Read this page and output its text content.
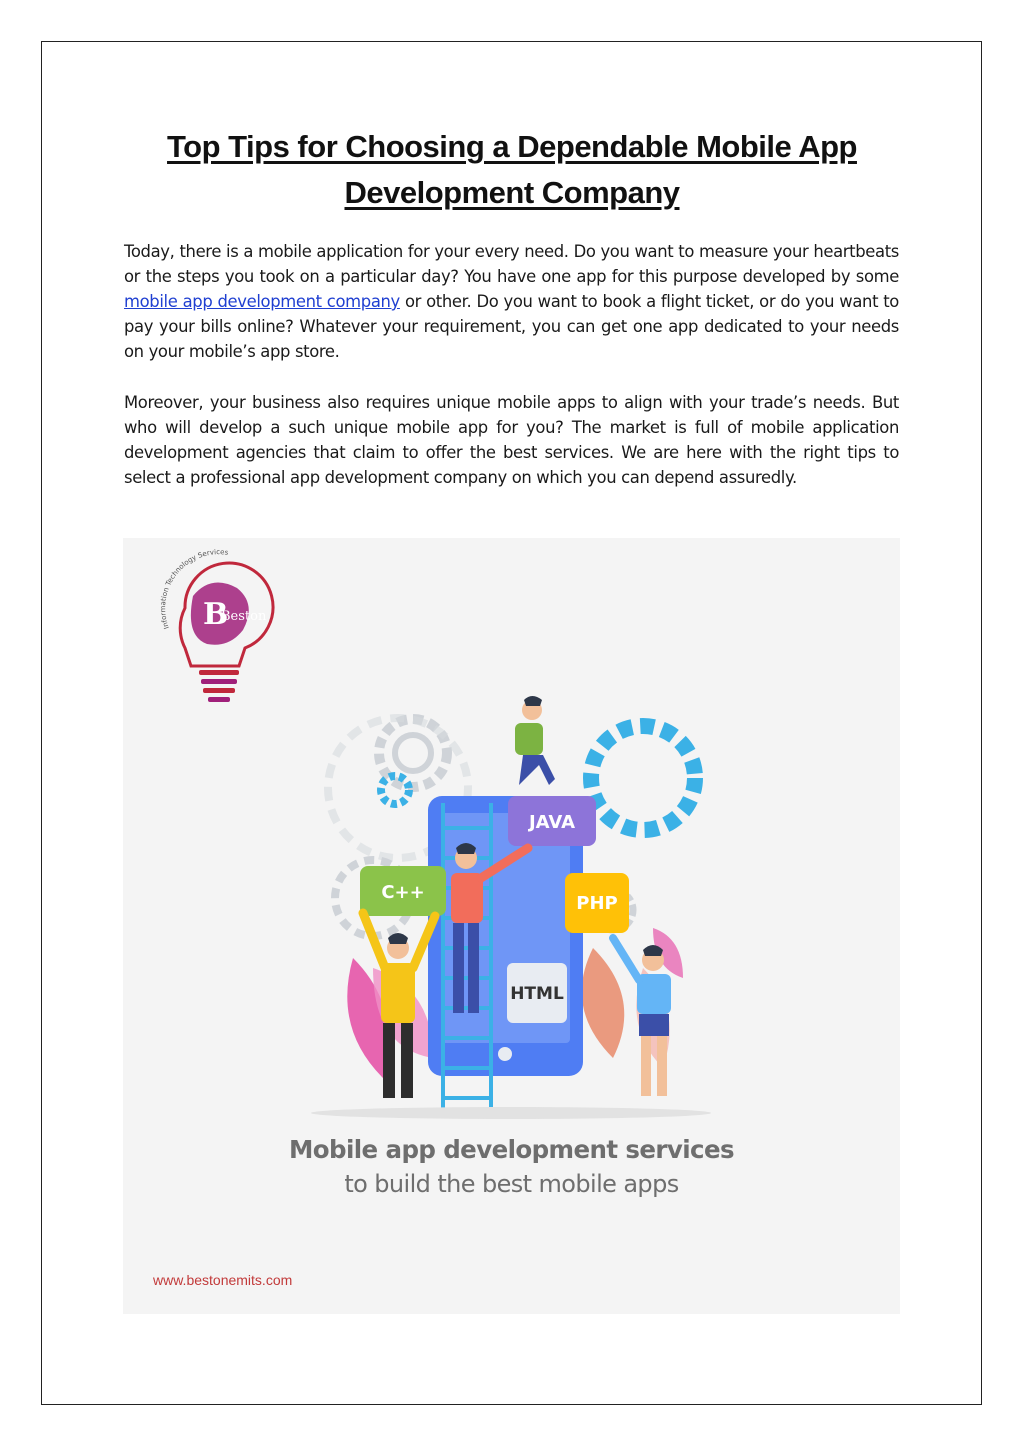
Top Tips for Choosing a Dependable Mobile App
Development Company

Today, there is a mobile application for your every need. Do you want to measure your heartbeats or the steps you took on a particular day? You have one app for this purpose developed by some mobile app development company or other. Do you want to book a flight ticket, or do you want to pay your bills online? Whatever your requirement, you can get one app dedicated to your needs on your mobile’s app store.

Moreover, your business also requires unique mobile apps to align with your trade’s needs. But who will develop a such unique mobile app for you? The market is full of mobile application development agencies that claim to offer the best services. We are here with the right tips to select a professional app development company on which you can depend assuredly.

B
Beston
Information Technology Services
JAVA
C++
PHP
HTML
Mobile app development services
to build the best mobile apps
www.bestonemits.com
